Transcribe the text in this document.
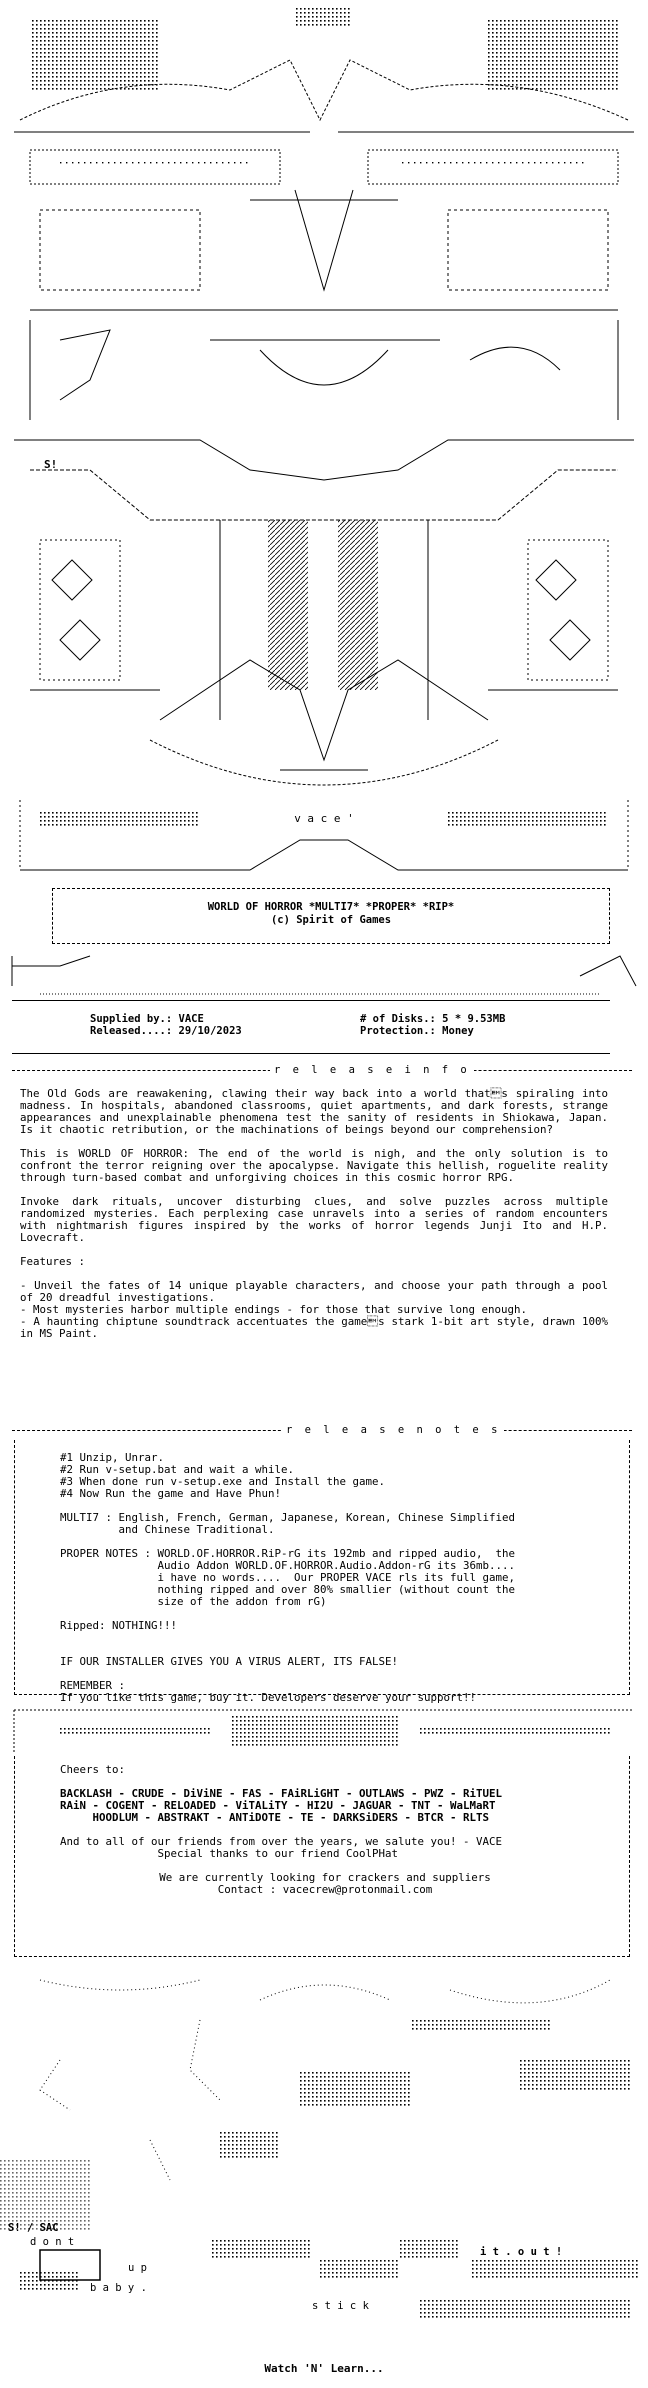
S!
v a c e '
2003	2023
WORLD OF HORROR *MULTI7* *PROPER* *RIP*
(c) Spirit of Games
Supplied by.: VACE
Released....: 29/10/2023
# of Disks.: 5 * 9.53MB
Protection.: Money
r e l e a s e i n f o

The Old Gods are reawakening, clawing their way back into a world thats spiraling into madness. In hospitals, abandoned classrooms, quiet apartments, and dark forests, strange appearances and unexplainable phenomena test the sanity of residents in Shiokawa, Japan. Is it chaotic retribution, or the machinations of beings beyond our comprehension?

This is WORLD OF HORROR: The end of the world is nigh, and the only solution is to confront the terror reigning over the apocalypse. Navigate this hellish, roguelite reality through turn-based combat and unforgiving choices in this cosmic horror RPG.

Invoke dark rituals, uncover disturbing clues, and solve puzzles across multiple randomized mysteries. Each perplexing case unravels into a series of random encounters with nightmarish figures inspired by the works of horror legends Junji Ito and H.P. Lovecraft.

Features :

- Unveil the fates of 14 unique playable characters, and choose your path through a pool of 20 dreadful investigations.

- Most mysteries harbor multiple endings - for those that survive long enough.

- A haunting chiptune soundtrack accentuates the games stark 1-bit art style, drawn 100% in MS Paint.

r e l e a s e n o t e s
#1 Unzip, Unrar.
#2 Run v-setup.bat and wait a while.
#3 When done run v-setup.exe and Install the game.
#4 Now Run the game and Have Phun!
MULTI7 : English, French, German, Japanese, Korean, Chinese Simplified
and Chinese Traditional.
PROPER NOTES : WORLD.OF.HORROR.RiP-rG its 192mb and ripped audio,  the
Audio Addon WORLD.OF.HORROR.Audio.Addon-rG its 36mb....
i have no words....  Our PROPER VACE rls its full game,
nothing ripped and over 80% smallier (without count the
size of the addon from rG)
Ripped: NOTHING!!!
IF OUR INSTALLER GIVES YOU A VIRUS ALERT, ITS FALSE!
REMEMBER :
If you like this game, buy it. Developers deserve your support!!
Cheers to:
BACKLASH - CRUDE - DiViNE - FAS - FAiRLiGHT - OUTLAWS - PWZ - RiTUEL
RAiN - COGENT - RELOADED - ViTALiTY - HI2U - JAGUAR - TNT - WaLMaRT
HOODLUM - ABSTRAKT - ANTiDOTE - TE - DARKSiDERS - BTCR - RLTS
And to all of our friends from over the years, we salute you! - VACE
Special thanks to our friend CoolPHat
We are currently looking for crackers and suppliers
Contact : vacecrew@protonmail.com
S! / SAC
d o n t
u p
b a b y .
i t . o u t !
s t i c k
Watch 'N' Learn...
